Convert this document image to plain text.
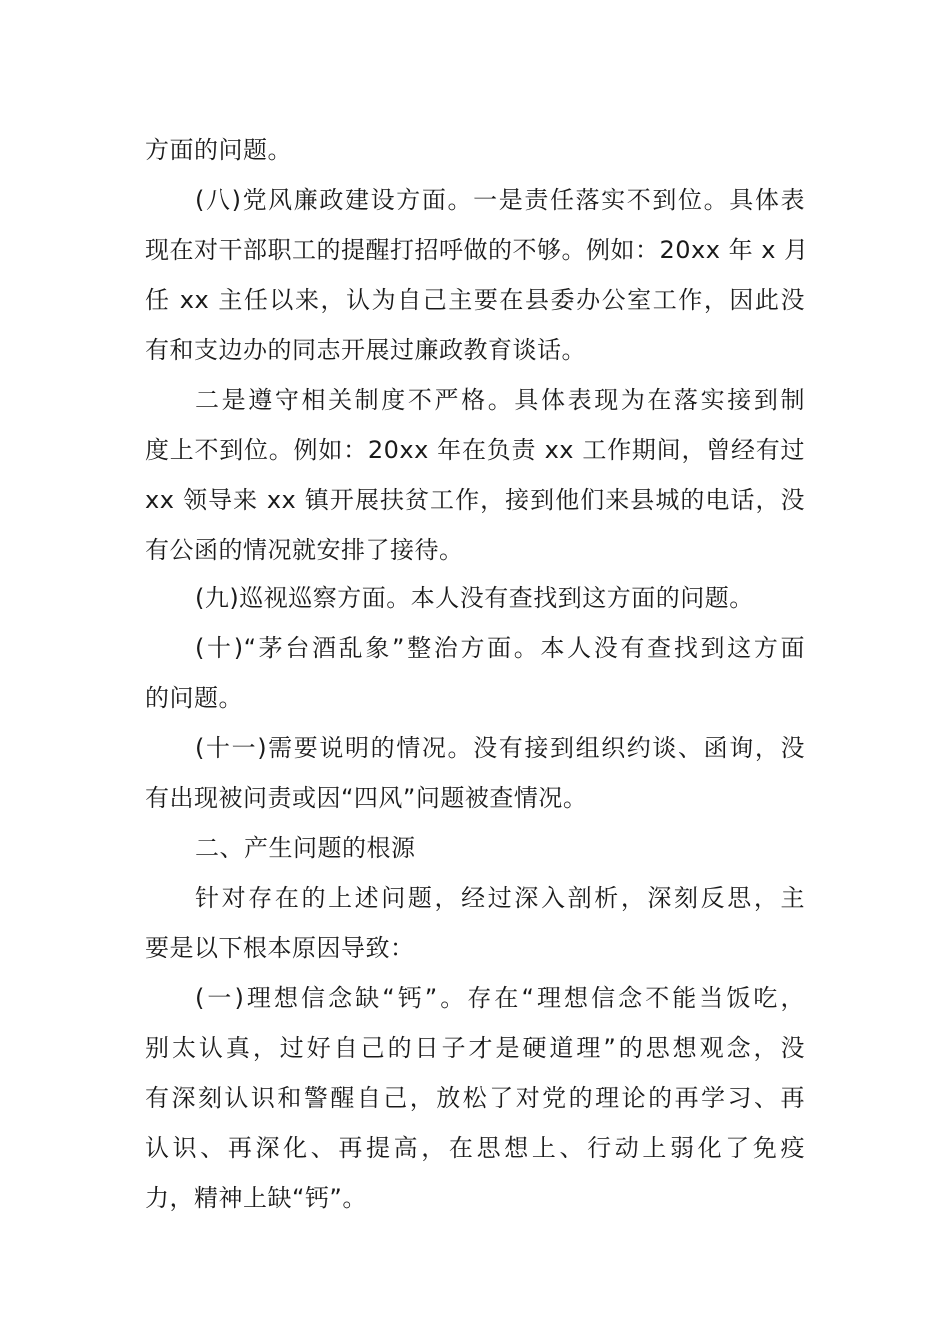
方面的问题。
(八)党风廉政建设方面。一是责任落实不到位。具体表
现在对干部职工的提醒打招呼做的不够。例如：20xx 年 x 月
任 xx 主任以来，认为自己主要在县委办公室工作，因此没
有和支边办的同志开展过廉政教育谈话。
二是遵守相关制度不严格。具体表现为在落实接到制
度上不到位。例如：20xx 年在负责 xx 工作期间，曾经有过
xx 领导来 xx 镇开展扶贫工作，接到他们来县城的电话，没
有公函的情况就安排了接待。
(九)巡视巡察方面。本人没有查找到这方面的问题。
(十)“茅台酒乱象”整治方面。本人没有查找到这方面
的问题。
(十一)需要说明的情况。没有接到组织约谈、函询，没
有出现被问责或因“四风”问题被查情况。
二、产生问题的根源
针对存在的上述问题，经过深入剖析，深刻反思，主
要是以下根本原因导致：
(一)理想信念缺“钙”。存在“理想信念不能当饭吃，
别太认真，过好自己的日子才是硬道理”的思想观念，没
有深刻认识和警醒自己，放松了对党的理论的再学习、再
认识、再深化、再提高，在思想上、行动上弱化了免疫
力，精神上缺“钙”。
